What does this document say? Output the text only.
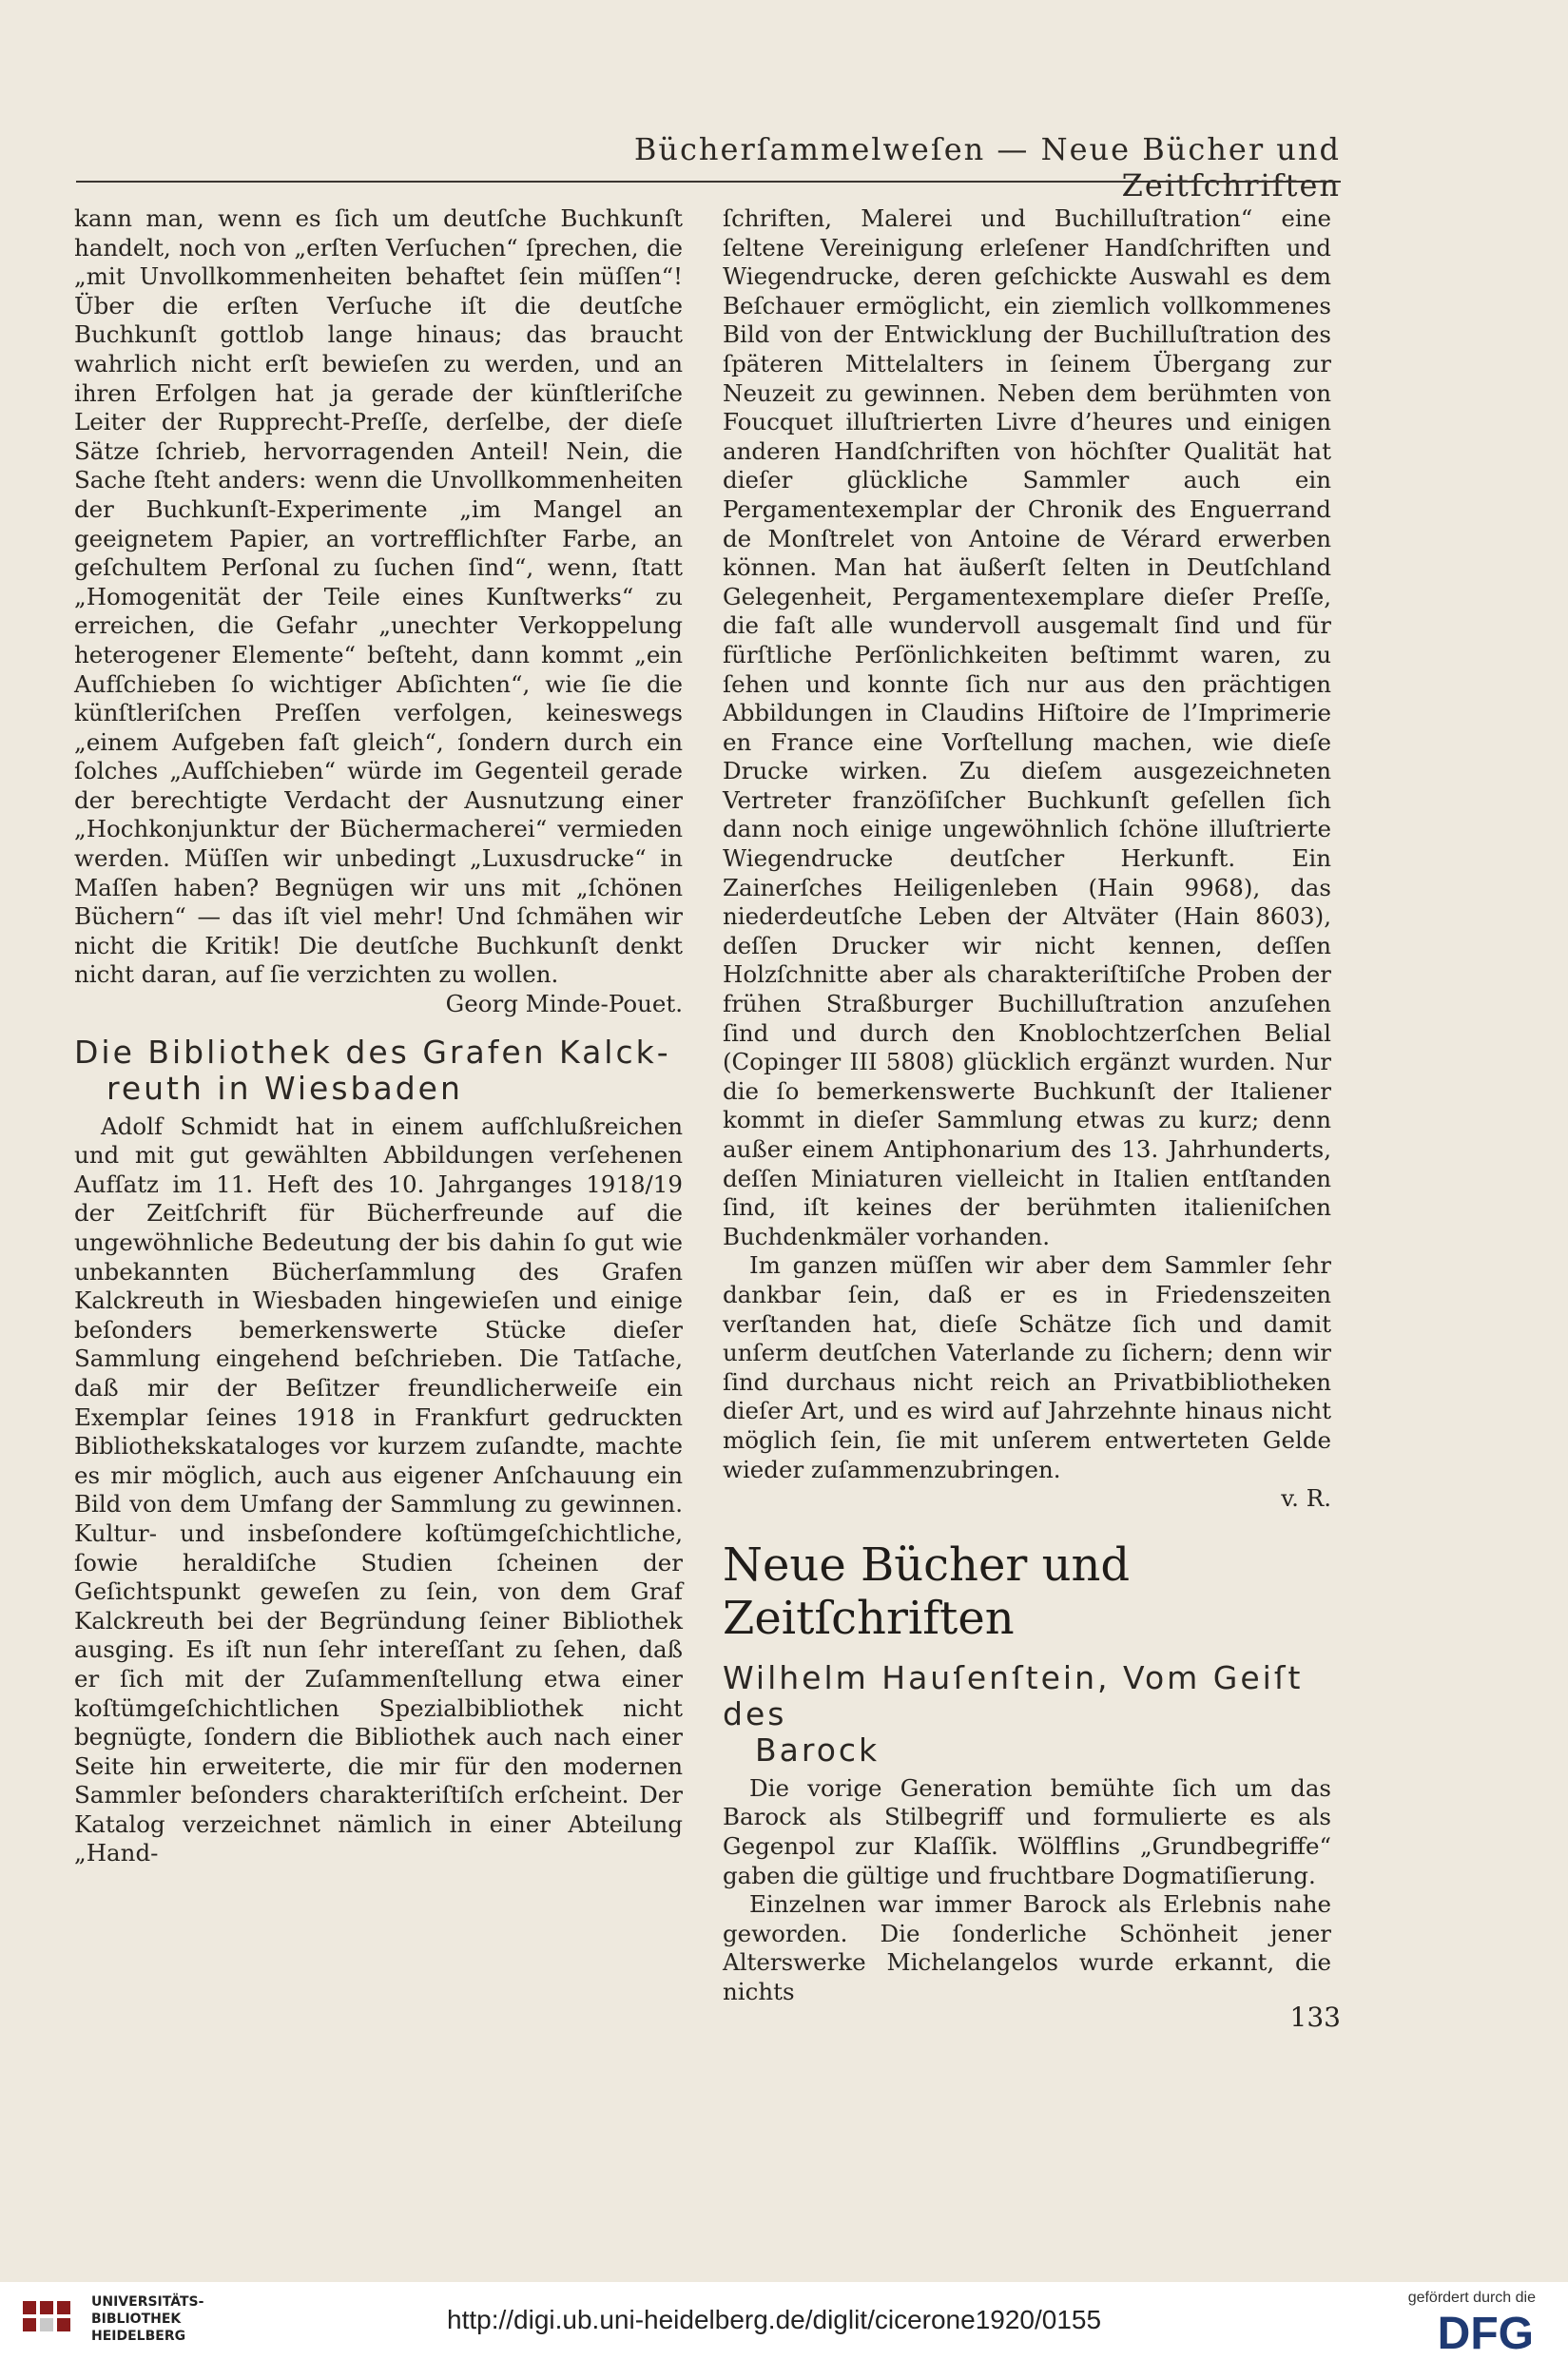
Bücherſammelweſen — Neue Bücher und Zeitſchriften

kann man, wenn es ſich um deutſche Buchkunſt handelt, noch von „erſten Verſuchen“ ſprechen, die „mit Unvollkommenheiten behaftet ſein müſſen“! Über die erſten Verſuche iſt die deutſche Buchkunſt gottlob lange hinaus; das braucht wahrlich nicht erſt bewieſen zu werden, und an ihren Erfolgen hat ja gerade der künſtleriſche Leiter der Rupprecht-Preſſe, derſelbe, der dieſe Sätze ſchrieb, hervorragenden Anteil! Nein, die Sache ſteht anders: wenn die Unvollkommenheiten der Buchkunſt-Experimente „im Mangel an geeignetem Papier, an vortrefflichſter Farbe, an geſchultem Perſonal zu ſuchen ſind“, wenn, ſtatt „Homogenität der Teile eines Kunſtwerks“ zu erreichen, die Gefahr „unechter Verkoppelung heterogener Elemente“ beſteht, dann kommt „ein Aufſchieben ſo wichtiger Abſichten“, wie ſie die künſtleriſchen Preſſen verfolgen, keineswegs „einem Aufgeben faſt gleich“, ſondern durch ein ſolches „Aufſchieben“ würde im Gegenteil gerade der berechtigte Verdacht der Ausnutzung einer „Hochkonjunktur der Büchermacherei“ vermieden werden. Müſſen wir unbedingt „Luxusdrucke“ in Maſſen haben? Begnügen wir uns mit „ſchönen Büchern“ — das iſt viel mehr! Und ſchmähen wir nicht die Kritik! Die deutſche Buchkunſt denkt nicht daran, auf ſie verzichten zu wollen.

Georg Minde-Pouet.

Die Bibliothek des Grafen Kalck-
reuth in Wiesbaden

Adolf Schmidt hat in einem aufſchlußreichen und mit gut gewählten Abbildungen verſehenen Aufſatz im 11. Heft des 10. Jahrganges 1918/19 der Zeitſchrift für Bücherfreunde auf die ungewöhnliche Bedeutung der bis dahin ſo gut wie unbekannten Bücherſammlung des Grafen Kalckreuth in Wiesbaden hingewieſen und einige beſonders bemerkenswerte Stücke dieſer Sammlung eingehend beſchrieben. Die Tatſache, daß mir der Beſitzer freundlicherweiſe ein Exemplar ſeines 1918 in Frankfurt gedruckten Bibliothekskataloges vor kurzem zuſandte, machte es mir möglich, auch aus eigener Anſchauung ein Bild von dem Umfang der Sammlung zu gewinnen. Kultur- und insbeſondere koſtümgeſchichtliche, ſowie heraldiſche Studien ſcheinen der Geſichtspunkt geweſen zu ſein, von dem Graf Kalckreuth bei der Begründung ſeiner Bibliothek ausging. Es iſt nun ſehr intereſſant zu ſehen, daß er ſich mit der Zuſammenſtellung etwa einer koſtümgeſchichtlichen Spezialbibliothek nicht begnügte, ſondern die Bibliothek auch nach einer Seite hin erweiterte, die mir für den modernen Sammler beſonders charakteriſtiſch erſcheint. Der Katalog verzeichnet nämlich in einer Abteilung „Hand-

ſchriften, Malerei und Buchilluſtration“ eine ſeltene Vereinigung erleſener Handſchriften und Wiegendrucke, deren geſchickte Auswahl es dem Beſchauer ermöglicht, ein ziemlich vollkommenes Bild von der Entwicklung der Buchilluſtration des ſpäteren Mittelalters in ſeinem Übergang zur Neuzeit zu gewinnen. Neben dem berühmten von Foucquet illuſtrierten Livre d’heures und einigen anderen Handſchriften von höchſter Qualität hat dieſer glückliche Sammler auch ein Pergamentexemplar der Chronik des Enguerrand de Monſtrelet von Antoine de Vérard erwerben können. Man hat äußerſt ſelten in Deutſchland Gelegenheit, Pergamentexemplare dieſer Preſſe, die faſt alle wundervoll ausgemalt ſind und für fürſtliche Perſönlichkeiten beſtimmt waren, zu ſehen und konnte ſich nur aus den prächtigen Abbildungen in Claudins Hiſtoire de l’Imprimerie en France eine Vorſtellung machen, wie dieſe Drucke wirken. Zu dieſem ausgezeichneten Vertreter franzöſiſcher Buchkunſt geſellen ſich dann noch einige ungewöhnlich ſchöne illuſtrierte Wiegendrucke deutſcher Herkunft. Ein Zainerſches Heiligenleben (Hain 9968), das niederdeutſche Leben der Altväter (Hain 8603), deſſen Drucker wir nicht kennen, deſſen Holzſchnitte aber als charakteriſtiſche Proben der frühen Straßburger Buchilluſtration anzuſehen ſind und durch den Knoblochtzerſchen Belial (Copinger III 5808) glücklich ergänzt wurden. Nur die ſo bemerkenswerte Buchkunſt der Italiener kommt in dieſer Sammlung etwas zu kurz; denn außer einem Antiphonarium des 13. Jahrhunderts, deſſen Miniaturen vielleicht in Italien entſtanden ſind, iſt keines der berühmten italieniſchen Buchdenkmäler vorhanden.

Im ganzen müſſen wir aber dem Sammler ſehr dankbar ſein, daß er es in Friedenszeiten verſtanden hat, dieſe Schätze ſich und damit unſerm deutſchen Vaterlande zu ſichern; denn wir ſind durchaus nicht reich an Privatbibliotheken dieſer Art, und es wird auf Jahrzehnte hinaus nicht möglich ſein, ſie mit unſerem entwerteten Gelde wieder zuſammenzubringen.

v. R.

Neue Bücher und Zeitſchriften
Wilhelm Hauſenſtein, Vom Geiſt des
Barock

Die vorige Generation bemühte ſich um das Barock als Stilbegriff und formulierte es als Gegenpol zur Klaſſik. Wölfflins „Grundbegriffe“ gaben die gültige und fruchtbare Dogmatiſierung.

Einzelnen war immer Barock als Erlebnis nahe geworden. Die ſonderliche Schönheit jener Alterswerke Michelangelos wurde erkannt, die nichts

133
UNIVERSITÄTS-
BIBLIOTHEK
HEIDELBERG
http://digi.ub.uni-heidelberg.de/diglit/cicerone1920/0155
gefördert durch die
DFG
